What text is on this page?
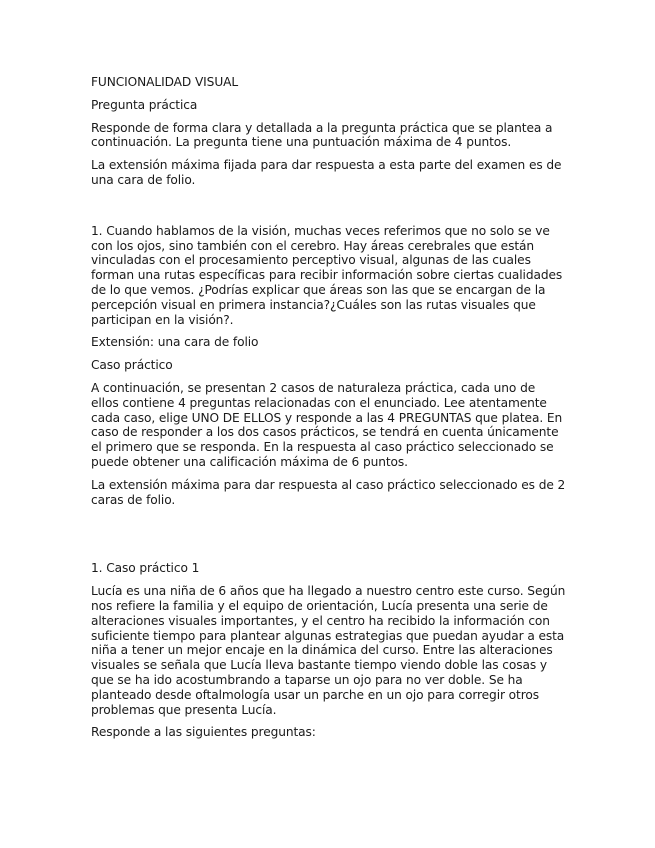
FUNCIONALIDAD VISUAL

Pregunta práctica

Responde de forma clara y detallada a la pregunta práctica que se plantea a continuación. La pregunta tiene una puntuación máxima de 4 puntos.

La extensión máxima fijada para dar respuesta a esta parte del examen es de una cara de folio.

1. Cuando hablamos de la visión, muchas veces referimos que no solo se ve con los ojos, sino también con el cerebro. Hay áreas cerebrales que están vinculadas con el procesamiento perceptivo visual, algunas de las cuales forman una rutas específicas para recibir información sobre ciertas cualidades de lo que vemos. ¿Podrías explicar que áreas son las que se encargan de la percepción visual en primera instancia?¿Cuáles son las rutas visuales que participan en la visión?.

Extensión: una cara de folio

Caso práctico

A continuación, se presentan 2 casos de naturaleza práctica, cada uno de ellos contiene 4 preguntas relacionadas con el enunciado. Lee atentamente cada caso, elige UNO DE ELLOS y responde a las 4 PREGUNTAS que platea. En caso de responder a los dos casos prácticos, se tendrá en cuenta únicamente el primero que se responda. En la respuesta al caso práctico seleccionado se puede obtener una calificación máxima de 6 puntos.

La extensión máxima para dar respuesta al caso práctico seleccionado es de 2 caras de folio.

1. Caso práctico 1

Lucía es una niña de 6 años que ha llegado a nuestro centro este curso. Según nos refiere la familia y el equipo de orientación, Lucía presenta una serie de alteraciones visuales importantes, y el centro ha recibido la información con suficiente tiempo para plantear algunas estrategias que puedan ayudar a esta niña a tener un mejor encaje en la dinámica del curso. Entre las alteraciones visuales se señala que Lucía lleva bastante tiempo viendo doble las cosas y que se ha ido acostumbrando a taparse un ojo para no ver doble. Se ha planteado desde oftalmología usar un parche en un ojo para corregir otros problemas que presenta Lucía.

Responde a las siguientes preguntas:
